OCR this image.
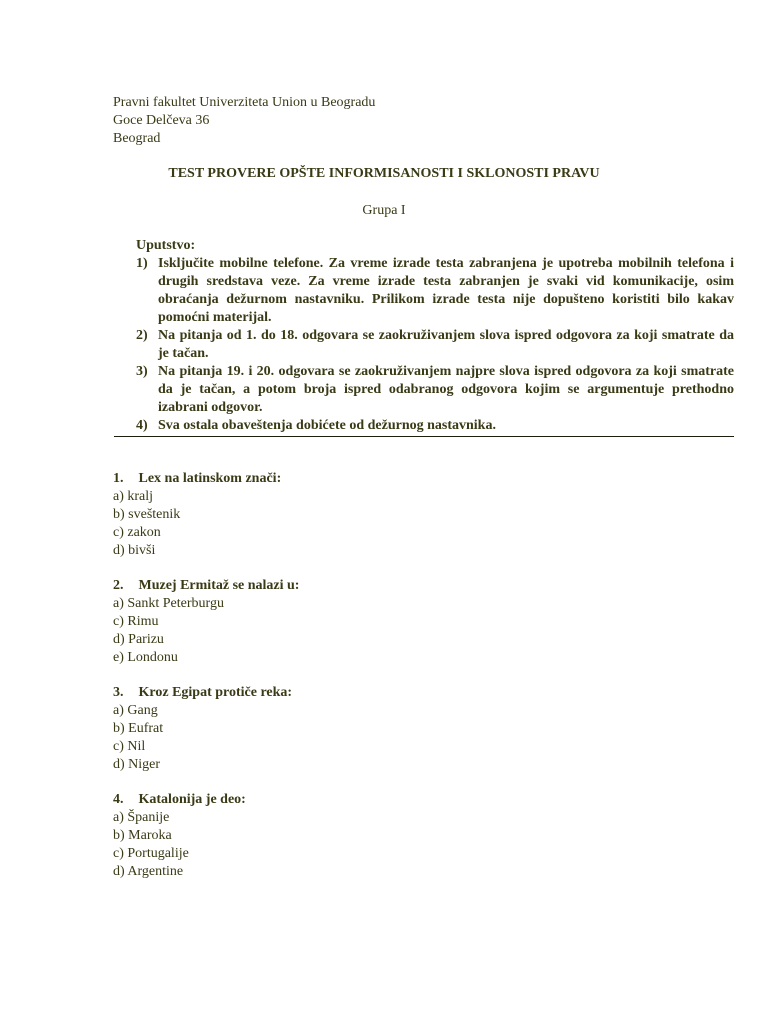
Pravni fakultet Univerziteta Union u Beogradu
Goce Delčeva 36
Beograd
TEST PROVERE OPŠTE INFORMISANOSTI I SKLONOSTI PRAVU
Grupa I
Uputstvo:
1) Isključite mobilne telefone. Za vreme izrade testa zabranjena je upotreba mobilnih telefona i drugih sredstava veze. Za vreme izrade testa zabranjen je svaki vid komunikacije, osim obraćanja dežurnom nastavniku. Prilikom izrade testa nije dopušteno koristiti bilo kakav pomoćni materijal.
2) Na pitanja od 1. do 18. odgovara se zaokruživanjem slova ispred odgovora za koji smatrate da je tačan.
3) Na pitanja 19. i 20. odgovara se zaokruživanjem najpre slova ispred odgovora za koji smatrate da je tačan, a potom broja ispred odabranog odgovora kojim se argumentuje prethodno izabrani odgovor.
4) Sva ostala obaveštenja dobićete od dežurnog nastavnika.
1. Lex na latinskom znači:
a) kralj
b) sveštenik
c) zakon
d) bivši
2. Muzej Ermitaž se nalazi u:
a) Sankt Peterburgu
c) Rimu
d) Parizu
e) Londonu
3. Kroz Egipat protiče reka:
a) Gang
b) Eufrat
c) Nil
d) Niger
4. Katalonija je deo:
a) Španije
b) Maroka
c) Portugalije
d) Argentine
